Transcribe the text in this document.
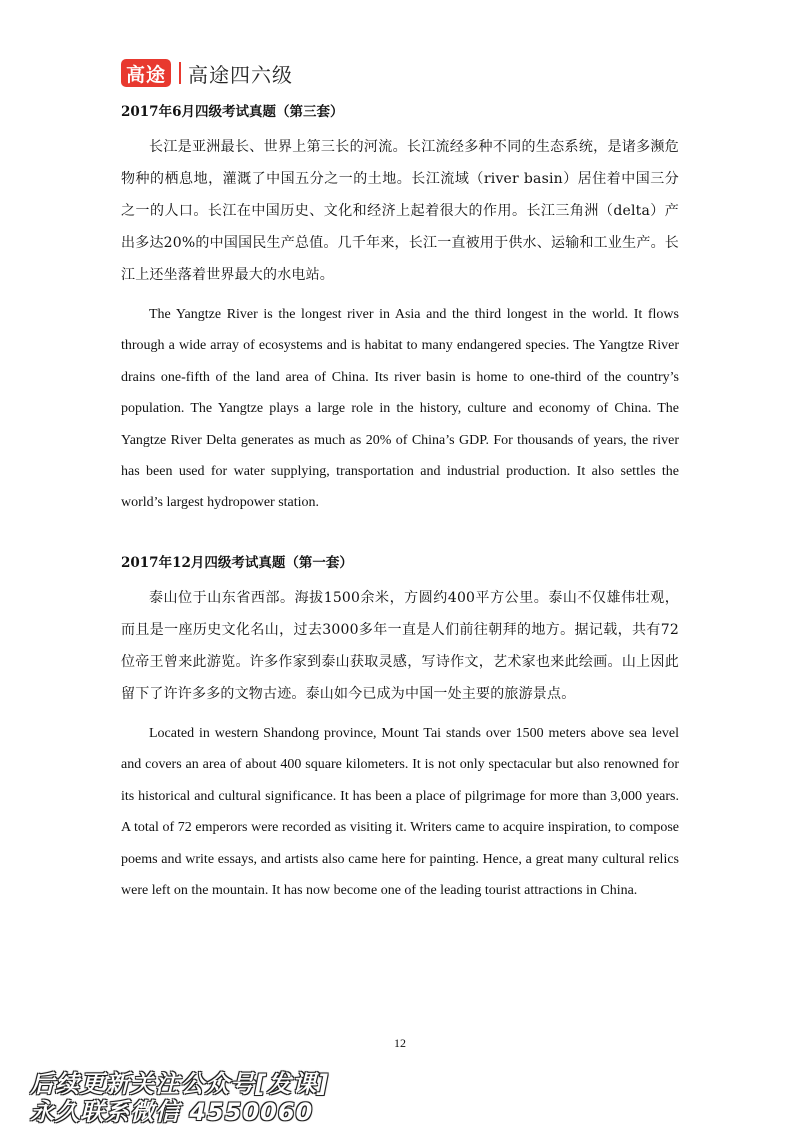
高途 高途四六级

2017年6月四级考试真题（第三套）

长江是亚洲最长、世界上第三长的河流。长江流经多种不同的生态系统，是诸多濒危物种的栖息地，灌溉了中国五分之一的土地。长江流域（river basin）居住着中国三分之一的人口。长江在中国历史、文化和经济上起着很大的作用。长江三角洲（delta）产出多达20%的中国国民生产总值。几千年来，长江一直被用于供水、运输和工业生产。长江上还坐落着世界最大的水电站。

The Yangtze River is the longest river in Asia and the third longest in the world. It flows through a wide array of ecosystems and is habitat to many endangered species. The Yangtze River drains one-fifth of the land area of China. Its river basin is home to one-third of the country’s population. The Yangtze plays a large role in the history, culture and economy of China. The Yangtze River Delta generates as much as 20% of China’s GDP. For thousands of years, the river has been used for water supplying, transportation and industrial production. It also settles the world’s largest hydropower station.

2017年12月四级考试真题（第一套）

泰山位于山东省西部。海拔1500余米，方圆约400平方公里。泰山不仅雄伟壮观，而且是一座历史文化名山，过去3000多年一直是人们前往朝拜的地方。据记载，共有72位帝王曾来此游览。许多作家到泰山获取灵感，写诗作文，艺术家也来此绘画。山上因此留下了许许多多的文物古迹。泰山如今已成为中国一处主要的旅游景点。

Located in western Shandong province, Mount Tai stands over 1500 meters above sea level and covers an area of about 400 square kilometers. It is not only spectacular but also renowned for its historical and cultural significance. It has been a place of pilgrimage for more than 3,000 years. A total of 72 emperors were recorded as visiting it. Writers came to acquire inspiration, to compose poems and write essays, and artists also came here for painting. Hence, a great many cultural relics were left on the mountain. It has now become one of the leading tourist attractions in China.

12
后续更新关注公众号[发课]
永久联系微信 4550060
